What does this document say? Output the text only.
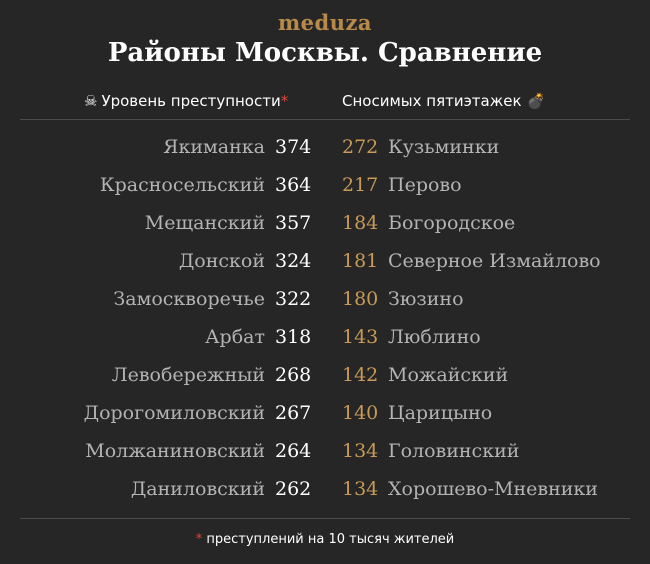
meduza
Районы Москвы. Сравнение
☠ Уровень преступности*	Сносимых пятиэтажек 💣
Якиманка 374 272 Кузьминки
Красносельский 364 217 Перово
Мещанский 357 184 Богородское
Донской 324 181 Северное Измайлово
Замоскворечье 322 180 Зюзино
Арбат 318 143 Люблино
Левобережный 268 142 Можайский
Дорогомиловский 267 140 Царицыно
Молжаниновский 264 134 Головинский
Даниловский 262 134 Хорошево-Мневники
* преступлений на 10 тысяч жителей
